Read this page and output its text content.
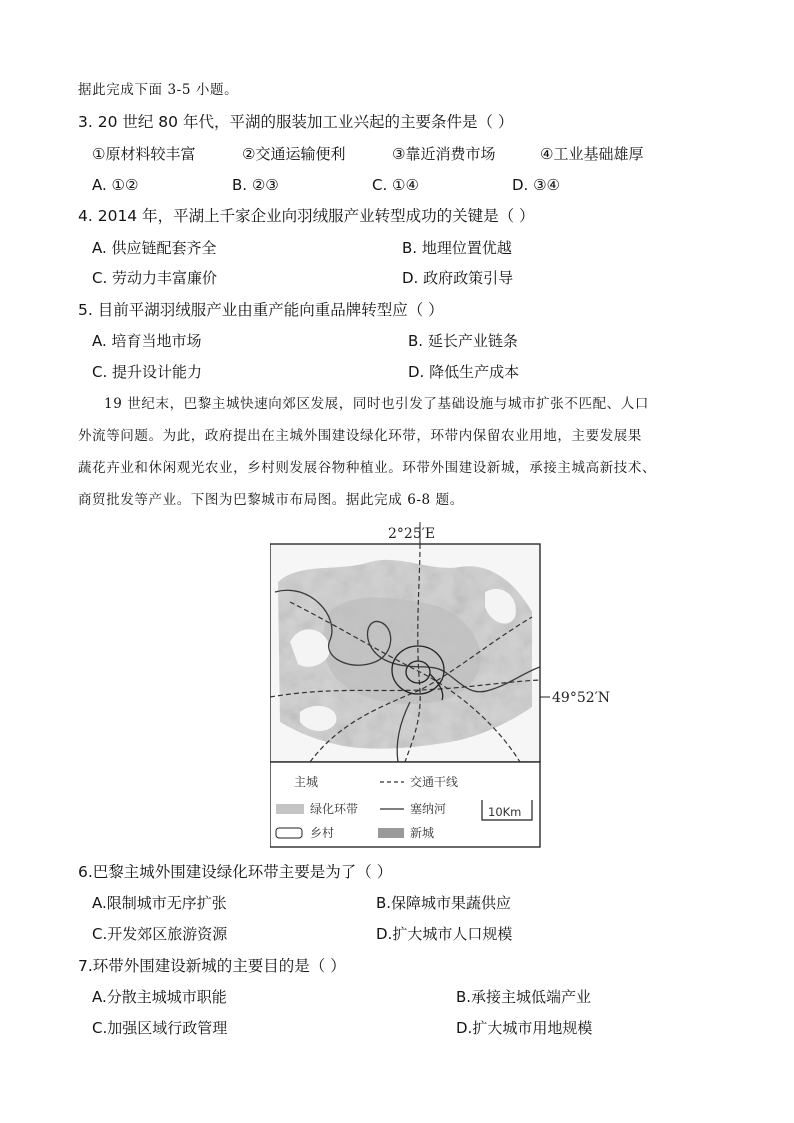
据此完成下面 3-5 小题。
3. 20 世纪 80 年代，平湖的服装加工业兴起的主要条件是（ ）
①原材料较丰富	②交通运输便利	③靠近消费市场	④工业基础雄厚
A. ①②	B. ②③	C. ①④	D. ③④
4. 2014 年，平湖上千家企业向羽绒服产业转型成功的关键是（ ）
A. 供应链配套齐全	B. 地理位置优越
C. 劳动力丰富廉价	D. 政府政策引导
5. 目前平湖羽绒服产业由重产能向重品牌转型应（ ）
A. 培育当地市场	B. 延长产业链条
C. 提升设计能力	D. 降低生产成本
19 世纪末，巴黎主城快速向郊区发展，同时也引发了基础设施与城市扩张不匹配、人口
外流等问题。为此，政府提出在主城外围建设绿化环带，环带内保留农业用地，主要发展果
蔬花卉业和休闲观光农业，乡村则发展谷物种植业。环带外围建设新城，承接主城高新技术、
商贸批发等产业。下图为巴黎城市布局图。据此完成 6-8 题。
2°25′E
49°52′N
主城
绿化环带
乡村
交通干线
塞纳河
新城
10Km
6.巴黎主城外围建设绿化环带主要是为了（ ）
A.限制城市无序扩张	B.保障城市果蔬供应
C.开发郊区旅游资源	D.扩大城市人口规模
7.环带外围建设新城的主要目的是（ ）
A.分散主城城市职能	B.承接主城低端产业
C.加强区域行政管理	D.扩大城市用地规模
